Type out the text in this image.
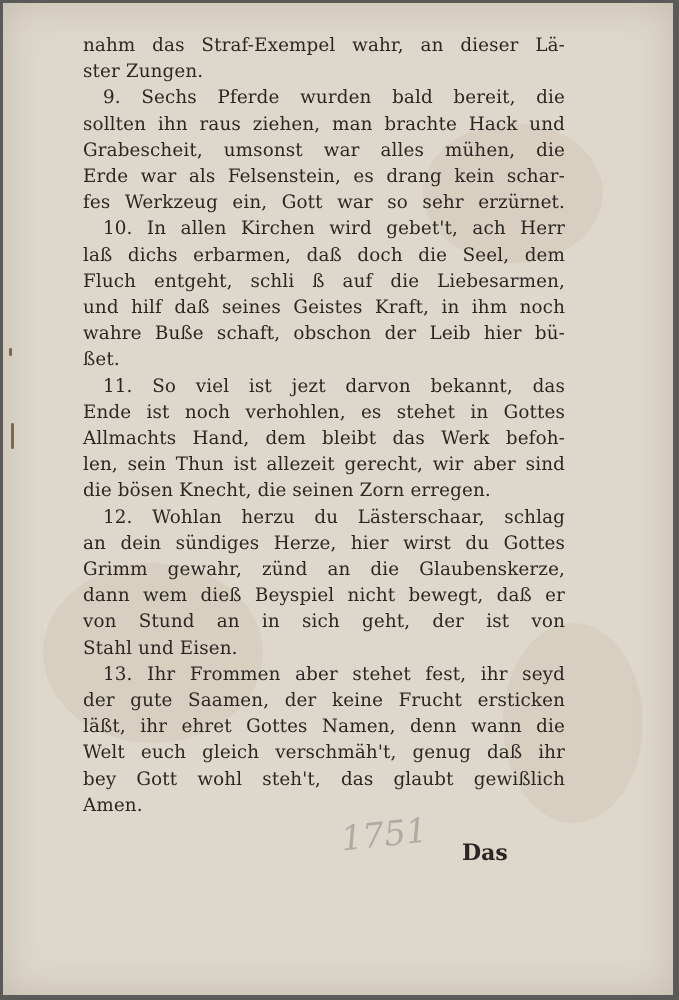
nahm das Straf-Exempel wahr, an dieser Lä-
ster Zungen.
9. Sechs Pferde wurden bald bereit, die
sollten ihn raus ziehen, man brachte Hack und
Grabescheit, umsonst war alles mühen, die
Erde war als Felsenstein, es drang kein schar-
fes Werkzeug ein, Gott war so sehr erzürnet.
10. In allen Kirchen wird gebet't, ach Herr
laß dichs erbarmen, daß doch die Seel, dem
Fluch entgeht, schli ß auf die Liebesarmen,
und hilf daß seines Geistes Kraft, in ihm noch
wahre Buße schaft, obschon der Leib hier bü-
ßet.
11. So viel ist jezt darvon bekannt, das
Ende ist noch verhohlen, es stehet in Gottes
Allmachts Hand, dem bleibt das Werk befoh-
len, sein Thun ist allezeit gerecht, wir aber sind
die bösen Knecht, die seinen Zorn erregen.
12. Wohlan herzu du Lästerschaar, schlag
an dein sündiges Herze, hier wirst du Gottes
Grimm gewahr, zünd an die Glaubenskerze,
dann wem dieß Beyspiel nicht bewegt, daß er
von Stund an in sich geht, der ist von
Stahl und Eisen.
13. Ihr Frommen aber stehet fest, ihr seyd
der gute Saamen, der keine Frucht ersticken
läßt, ihr ehret Gottes Namen, denn wann die
Welt euch gleich verschmäh't, genug daß ihr
bey Gott wohl steh't, das glaubt gewißlich
Amen.
1751 Das
